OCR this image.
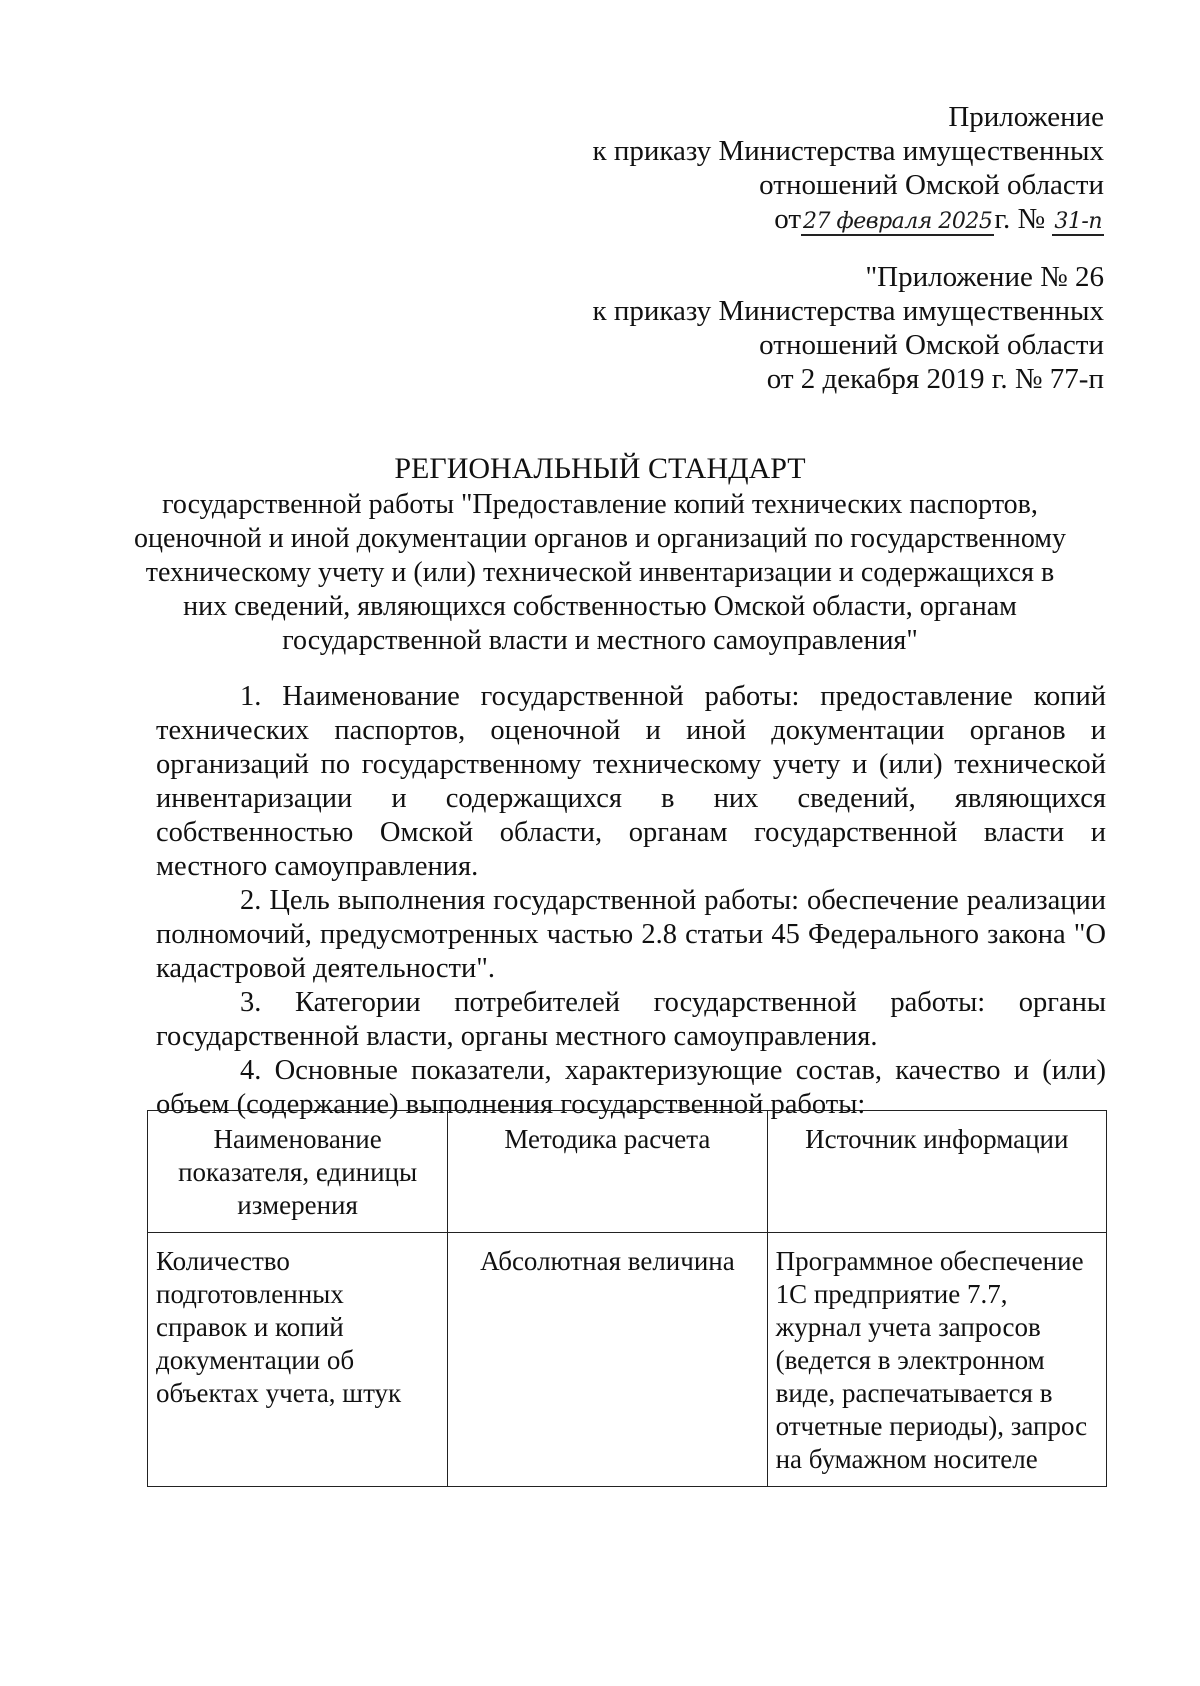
Приложение
к приказу Министерства имущественных
отношений Омской области
от27 февраля 2025г. № 31-п
"Приложение № 26
к приказу Министерства имущественных
отношений Омской области
от 2 декабря 2019 г. № 77-п
РЕГИОНАЛЬНЫЙ СТАНДАРТ
государственной работы "Предоставление копий технических паспортов,
оценочной и иной документации органов и организаций по государственному
техническому учету и (или) технической инвентаризации и содержащихся в
них сведений, являющихся собственностью Омской области, органам
государственной власти и местного самоуправления"

1. Наименование государственной работы: предоставление копий технических паспортов, оценочной и иной документации органов и организаций по государственному техническому учету и (или) технической инвентаризации и содержащихся в них сведений, являющихся собственностью Омской области, органам государственной власти и местного самоуправления.

2. Цель выполнения государственной работы: обеспечение реализации полномочий, предусмотренных частью 2.8 статьи 45 Федерального закона "О кадастровой деятельности".

3. Категории потребителей государственной работы: органы государственной власти, органы местного самоуправления.

4. Основные показатели, характеризующие состав, качество и (или) объем (содержание) выполнения государственной работы:

Наименование показателя, единицы измерения	Методика расчета	Источник информации
Количество подготовленных справок и копий документации об объектах учета, штук	Абсолютная величина	Программное обеспечение 1С предприятие 7.7, журнал учета запросов (ведется в электронном виде, распечатывается в отчетные периоды), запрос на бумажном носителе
